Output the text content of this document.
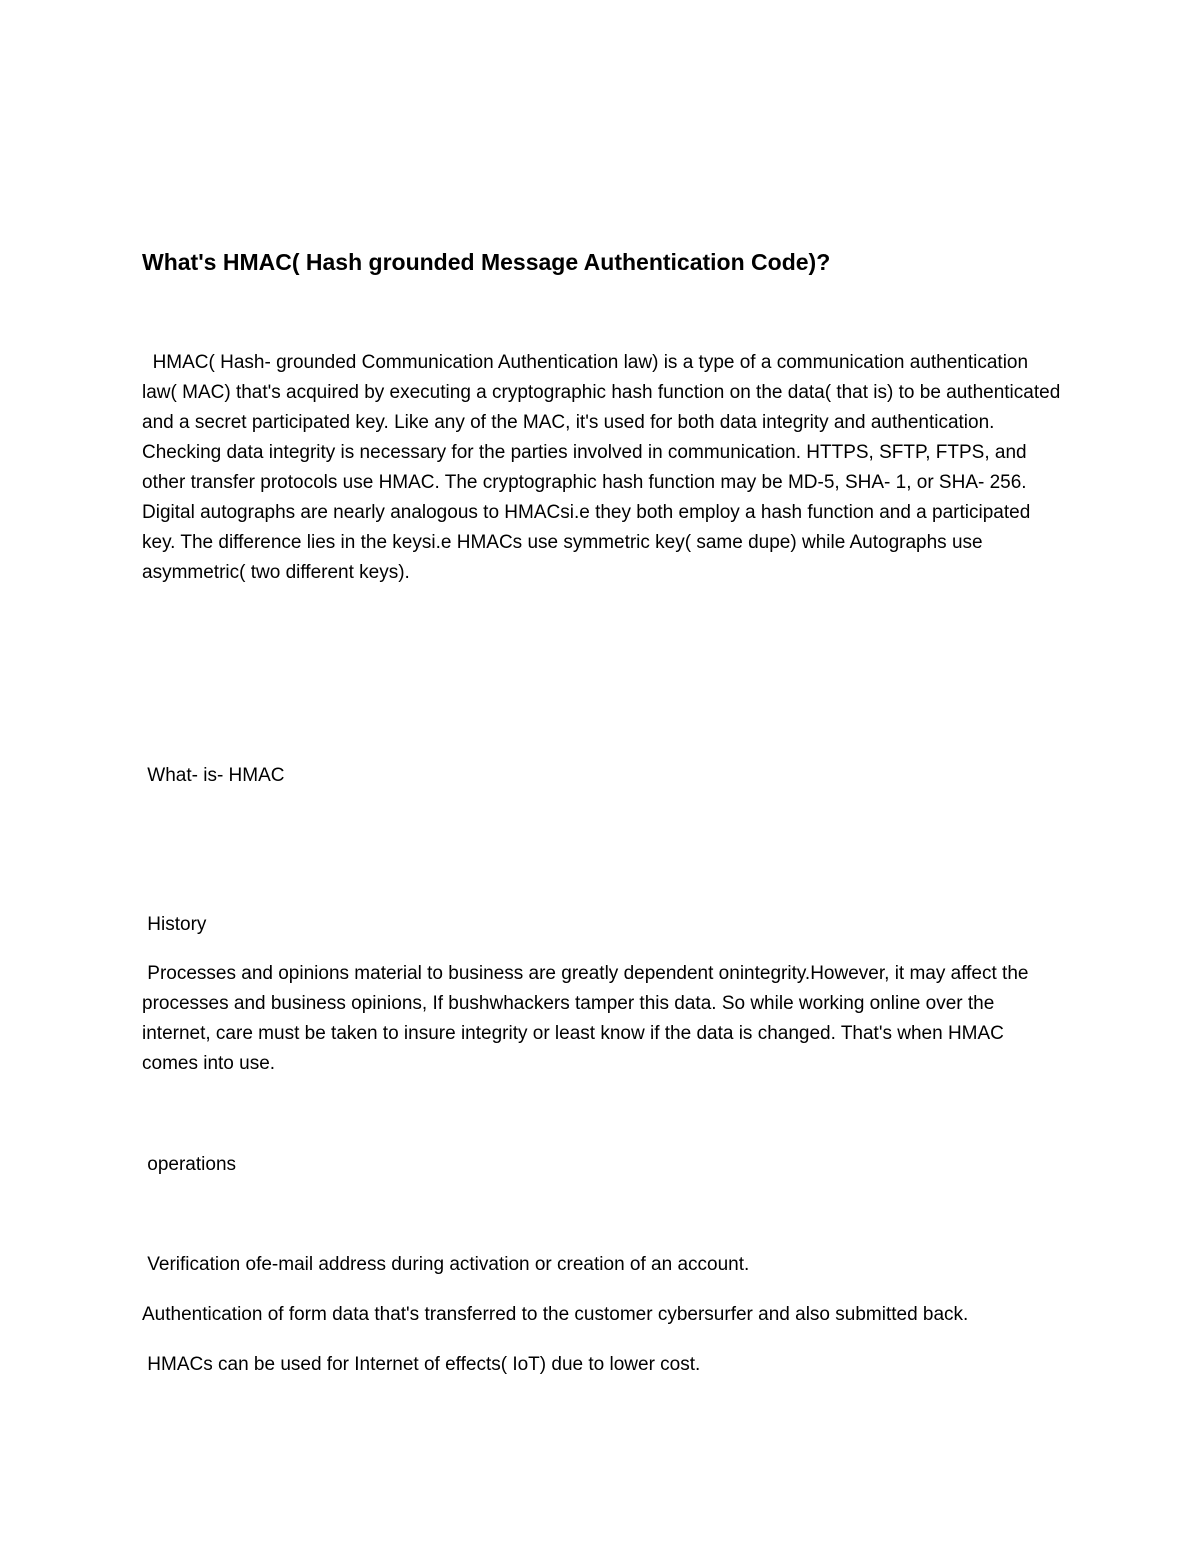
What's HMAC( Hash grounded Message Authentication Code)?
HMAC( Hash- grounded Communication Authentication law) is a type of a communication authentication law( MAC) that's acquired by executing a cryptographic hash function on the data( that is) to be authenticated and a secret participated key. Like any of the MAC, it's used for both data integrity and authentication. Checking data integrity is necessary for the parties involved in communication. HTTPS, SFTP, FTPS, and other transfer protocols use HMAC. The cryptographic hash function may be MD-5, SHA- 1, or SHA- 256. Digital autographs are nearly analogous to HMACsi.e they both employ a hash function and a participated key. The difference lies in the keysi.e HMACs use symmetric key( same dupe) while Autographs use asymmetric( two different keys).
What- is- HMAC
History
Processes and opinions material to business are greatly dependent onintegrity.However, it may affect the processes and business opinions, If bushwhackers tamper this data. So while working online over the internet, care must be taken to insure integrity or least know if the data is changed. That's when HMAC comes into use.
operations
Verification ofe-mail address during activation or creation of an account.
Authentication of form data that's transferred to the customer cybersurfer and also submitted back.
HMACs can be used for Internet of effects( IoT) due to lower cost.
